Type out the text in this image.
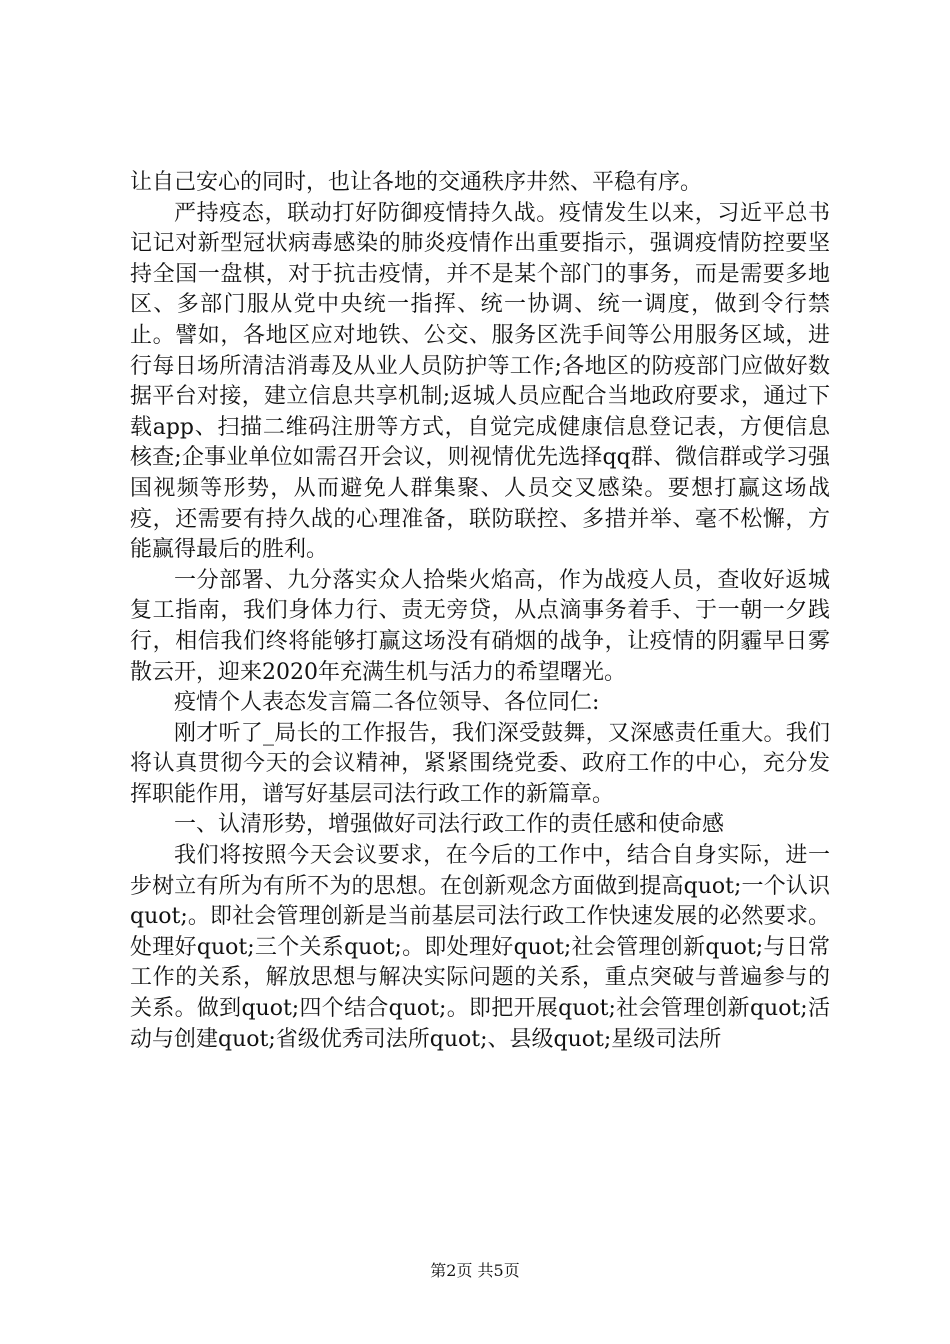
让自己安心的同时，也让各地的交通秩序井然、平稳有序。

严持疫态，联动打好防御疫情持久战。疫情发生以来，习近平总书记记对新型冠状病毒感染的肺炎疫情作出重要指示，强调疫情防控要坚持全国一盘棋，对于抗击疫情，并不是某个部门的事务，而是需要多地区、多部门服从党中央统一指挥、统一协调、统一调度，做到令行禁止。譬如，各地区应对地铁、公交、服务区洗手间等公用服务区域，进行每日场所清洁消毒及从业人员防护等工作;各地区的防疫部门应做好数据平台对接，建立信息共享机制;返城人员应配合当地政府要求，通过下载app、扫描二维码注册等方式，自觉完成健康信息登记表，方便信息核查;企事业单位如需召开会议，则视情优先选择qq群、微信群或学习强国视频等形势，从而避免人群集聚、人员交叉感染。要想打赢这场战疫，还需要有持久战的心理准备，联防联控、多措并举、毫不松懈，方能赢得最后的胜利。

一分部署、九分落实众人拾柴火焰高，作为战疫人员，查收好返城复工指南，我们身体力行、责无旁贷，从点滴事务着手、于一朝一夕践行，相信我们终将能够打赢这场没有硝烟的战争，让疫情的阴霾早日雾散云开，迎来2020年充满生机与活力的希望曙光。

疫情个人表态发言篇二各位领导、各位同仁:

刚才听了_局长的工作报告，我们深受鼓舞，又深感责任重大。我们将认真贯彻今天的会议精神，紧紧围绕党委、政府工作的中心，充分发挥职能作用，谱写好基层司法行政工作的新篇章。

一、认清形势，增强做好司法行政工作的责任感和使命感

我们将按照今天会议要求，在今后的工作中，结合自身实际，进一步树立有所为有所不为的思想。在创新观念方面做到提高quot;一个认识quot;。即社会管理创新是当前基层司法行政工作快速发展的必然要求。处理好quot;三个关系quot;。即处理好quot;社会管理创新quot;与日常工作的关系，解放思想与解决实际问题的关系，重点突破与普遍参与的关系。做到quot;四个结合quot;。即把开展quot;社会管理创新quot;活动与创建quot;省级优秀司法所quot;、县级quot;星级司法所

第2页 共5页
